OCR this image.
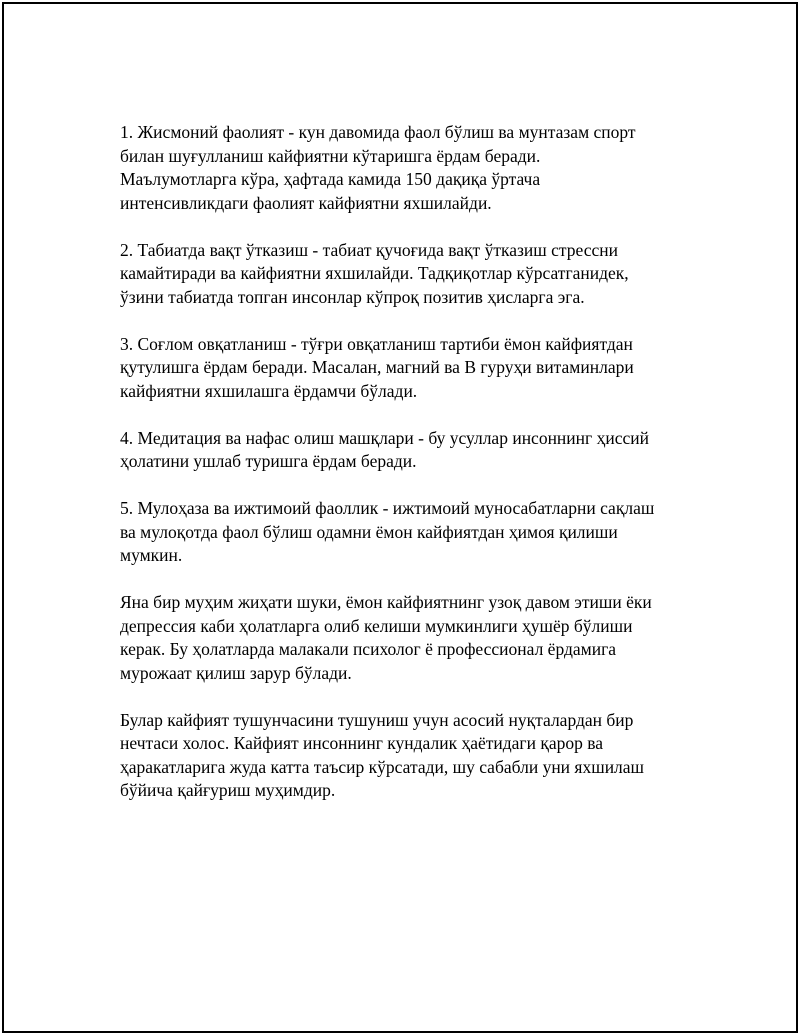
1. Жисмоний фаолият - кун давомида фаол бўлиш ва мунтазам спорт
билан шуғулланиш кайфиятни кўтаришга ёрдам беради.
Маълумотларга кўра, ҳафтада камида 150 дақиқа ўртача
интенсивликдаги фаолият кайфиятни яхшилайди.

2. Табиатда вақт ўтказиш - табиат қучоғида вақт ўтказиш стрессни
камайтиради ва кайфиятни яхшилайди. Тадқиқотлар кўрсатганидек,
ўзини табиатда топган инсонлар кўпроқ позитив ҳисларга эга.

3. Соғлом овқатланиш - тўғри овқатланиш тартиби ёмон кайфиятдан
қутулишга ёрдам беради. Масалан, магний ва В гуруҳи витаминлари
кайфиятни яхшилашга ёрдамчи бўлади.

4. Медитация ва нафас олиш машқлари - бу усуллар инсоннинг ҳиссий
ҳолатини ушлаб туришга ёрдам беради.

5. Мулоҳаза ва ижтимоий фаоллик - ижтимоий муносабатларни сақлаш
ва мулоқотда фаол бўлиш одамни ёмон кайфиятдан ҳимоя қилиши
мумкин.

Яна бир муҳим жиҳати шуки, ёмон кайфиятнинг узоқ давом этиши ёки
депрессия каби ҳолатларга олиб келиши мумкинлиги ҳушёр бўлиши
керак. Бу ҳолатларда малакали психолог ё профессионал ёрдамига
мурожаат қилиш зарур бўлади.

Булар кайфият тушунчасини тушуниш учун асосий нуқталардан бир
нечтаси холос. Кайфият инсоннинг кундалик ҳаётидаги қарор ва
ҳаракатларига жуда катта таъсир кўрсатади, шу сабабли уни яхшилаш
бўйича қайғуриш муҳимдир.
